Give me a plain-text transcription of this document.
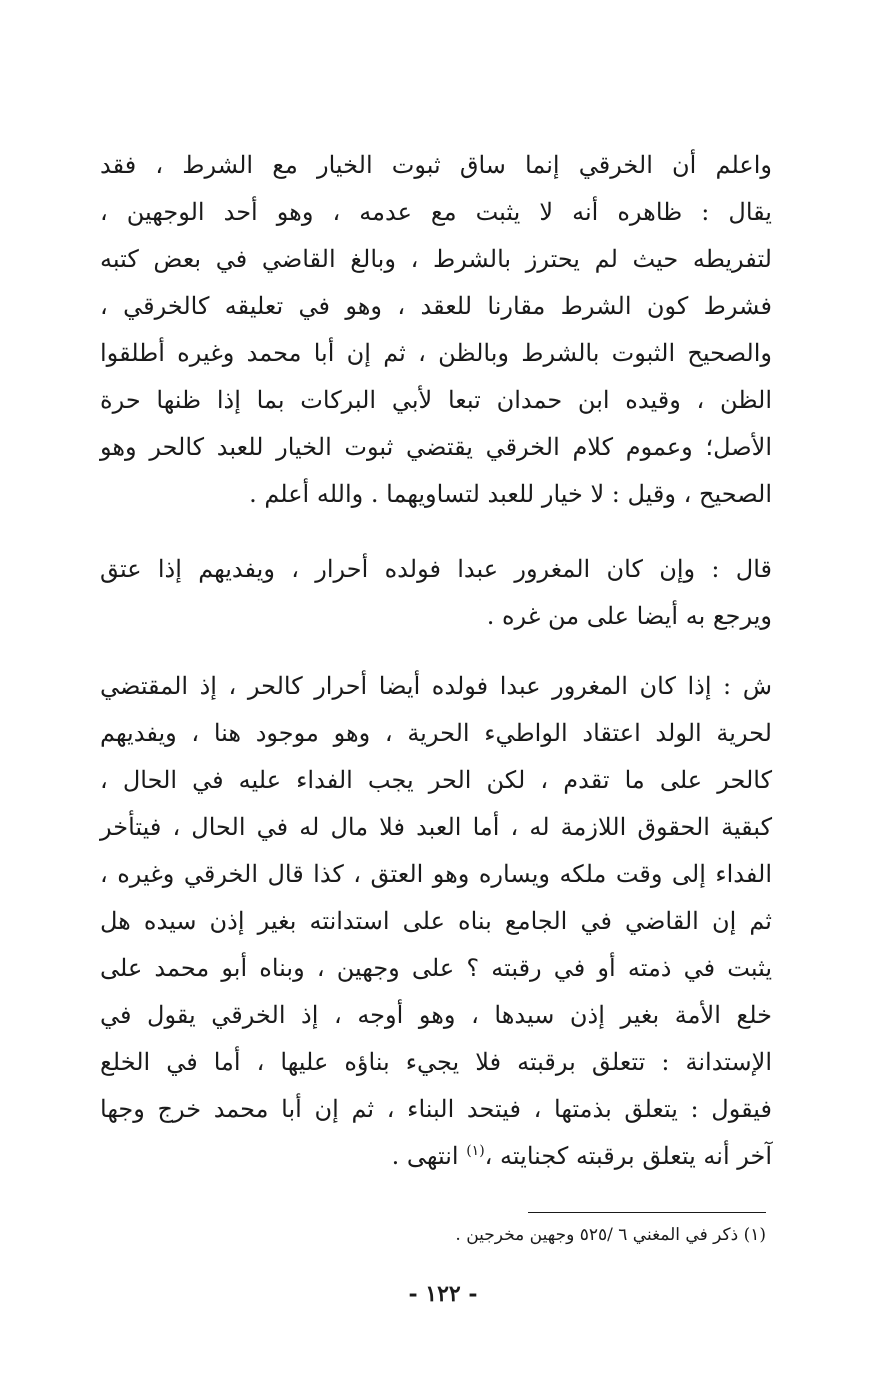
واعلم أن الخرقي إنما ساق ثبوت الخيار مع الشرط ، فقد
يقال : ظاهره أنه لا يثبت مع عدمه ، وهو أحد الوجهين ،
لتفريطه حيث لم يحترز بالشرط ، وبالغ القاضي في بعض كتبه
فشرط كون الشرط مقارنا للعقد ، وهو في تعليقه كالخرقي ،
والصحيح الثبوت بالشرط وبالظن ، ثم إن أبا محمد وغيره أطلقوا
الظن ، وقيده ابن حمدان تبعا لأبي البركات بما إذا ظنها حرة
الأصل؛ وعموم كلام الخرقي يقتضي ثبوت الخيار للعبد كالحر وهو
الصحيح ، وقيل : لا خيار للعبد لتساويهما . والله أعلم .
قال : وإن كان المغرور عبدا فولده أحرار ، ويفديهم إذا عتق
ويرجع به أيضا على من غره .
ش : إذا كان المغرور عبدا فولده أيضا أحرار كالحر ، إذ المقتضي
لحرية الولد اعتقاد الواطيء الحرية ، وهو موجود هنا ، ويفديهم
كالحر على ما تقدم ، لكن الحر يجب الفداء عليه في الحال ،
كبقية الحقوق اللازمة له ، أما العبد فلا مال له في الحال ، فيتأخر
الفداء إلى وقت ملكه ويساره وهو العتق ، كذا قال الخرقي وغيره ،
ثم إن القاضي في الجامع بناه على استدانته بغير إذن سيده هل
يثبت في ذمته أو في رقبته ؟ على وجهين ، وبناه أبو محمد على
خلع الأمة بغير إذن سيدها ، وهو أوجه ، إذ الخرقي يقول في
الإستدانة : تتعلق برقبته فلا يجيء بناؤه عليها ، أما في الخلع
فيقول : يتعلق بذمتها ، فيتحد البناء ، ثم إن أبا محمد خرج وجها
آخر أنه يتعلق برقبته كجنايته ،$^{(١)}$ انتهى .
(١) ذكر في المغني ٦ /٥٢٥ وجهين مخرجين .
- ١٢٢ -
